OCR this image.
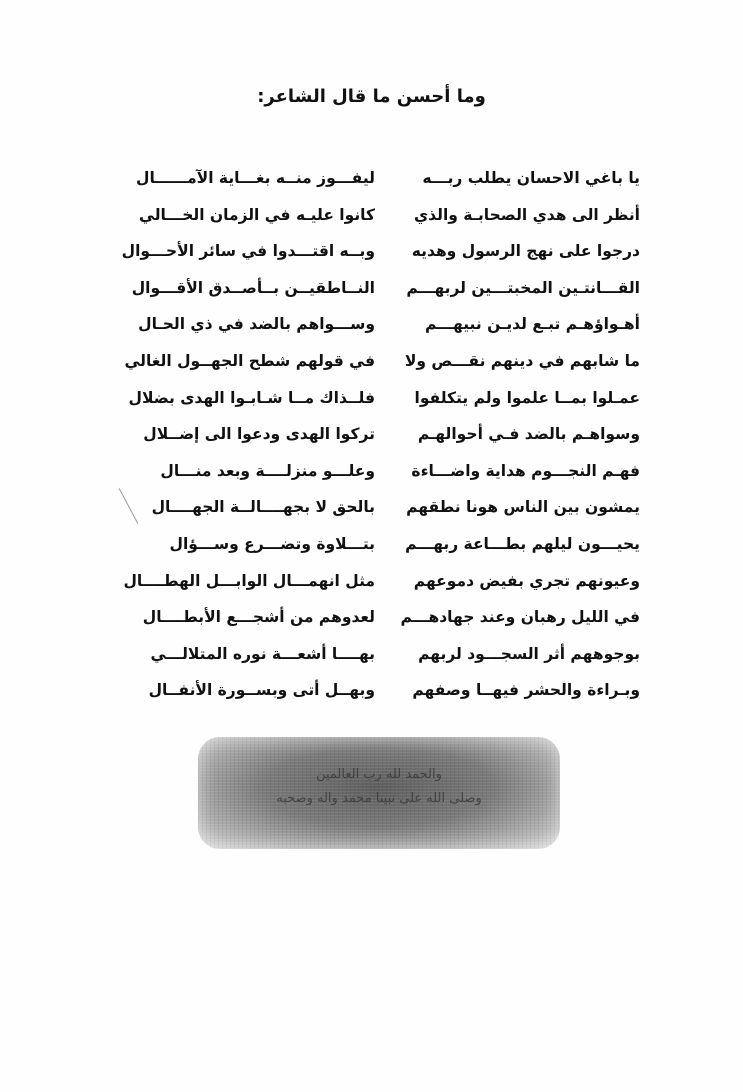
وما أحسن ما قال الشاعر:
يا باغي الاحسان يطلب ربـــه
ليفـــوز منــه بغـــاية الآمــــــال
أنظر الى هدي الصحابـة والذي
كانوا عليـه في الزمان الخـــالي
درجوا على نهج الرسول وهديه
وبــه اقتـــدوا في سائر الأحـــوال
القـــانتـين المخبتـــين لربهـــم
النــاطقيــن بــأصــدق الأقـــوال
أهـواؤهـم تبـع لديـن نبيهـــم
وســـواهم بالضد في ذي الحـال
ما شابهم في دينهم نقـــص ولا
في قولهم شطح الجهــول الغالي
عمـلوا بمــا علموا ولم يتكلفوا
فلــذاك مــا شـابـوا الهدى بضلال
وسواهـم بالضد فـي أحوالهـم
تركوا الهدى ودعوا الى إضــلال
فهـم النجـــوم هداية واضـــاءة
وعلـــو منزلــــة وبعد منـــال
يمشون بين الناس هونا نطقهم
بالحق لا بجهــــالــة الجهــــال
يحيـــون ليلهم بطـــاعة ربهـــم
بتـــلاوة وتضـــرع وســـؤال
وعيونهم تجري بفيض دموعهم
مثل انهمـــال الوابـــل الهطــــال
في الليل رهبان وعند جهادهـــم
لعدوهم من أشجـــع الأبطــــال
بوجوههم أثر السجـــود لربهم
بهــــا أشعـــة نوره المتلالـــي
وبـراءة والحشر فيهــا وصفهم
وبهــل أتى وبســورة الأنفــال
والحمد لله رب العالمين
وصلى الله على نبينا محمد وآله وصحبه
